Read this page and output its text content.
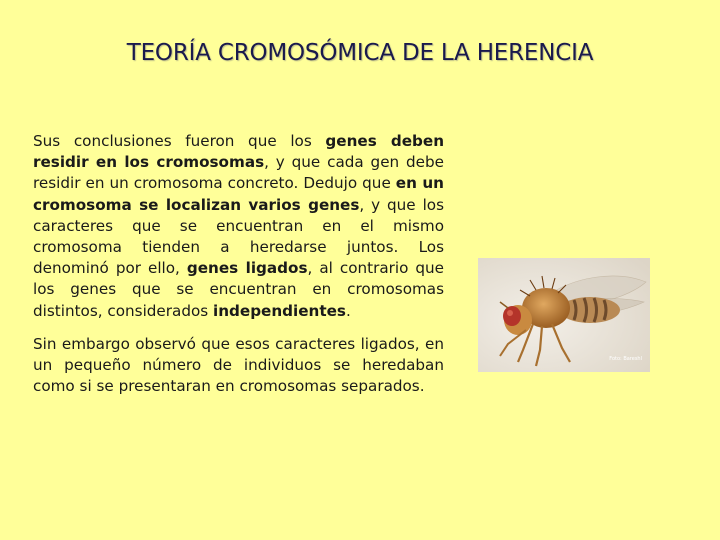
TEORÍA CROMOSÓMICA DE LA HERENCIA

Sus conclusiones fueron que los genes deben residir en los cromosomas, y que cada gen debe residir en un cromosoma concreto. Dedujo que en un cromosoma se localizan varios genes, y que los caracteres que se encuentran en el mismo cromosoma tienden a heredarse juntos. Los denominó por ello, genes ligados, al contrario que los genes que se encuentran en cromosomas distintos, considerados independientes.

Sin embargo observó que esos caracteres ligados, en un pequeño número de individuos se heredaban como si se presentaran en cromosomas separados.

Foto: Bareshl
